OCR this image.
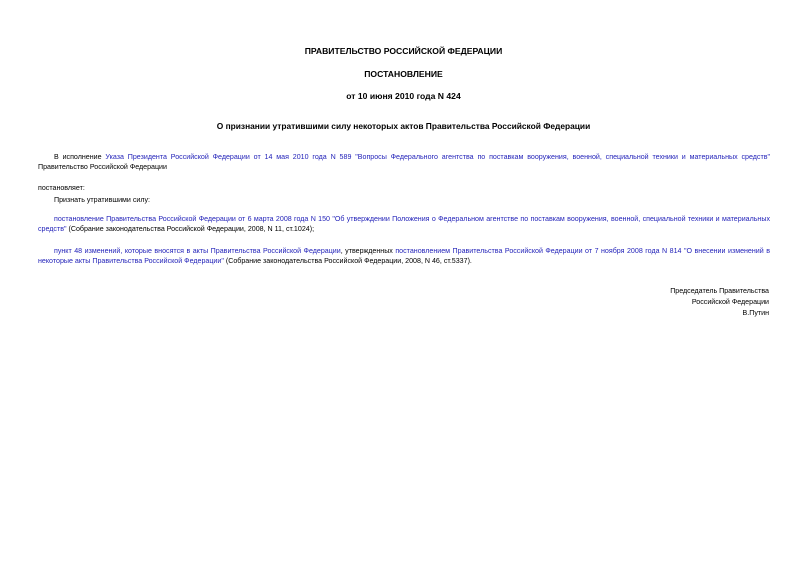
ПРАВИТЕЛЬСТВО РОССИЙСКОЙ ФЕДЕРАЦИИ
ПОСТАНОВЛЕНИЕ
от 10 июня 2010 года N 424
О признании утратившими силу некоторых актов Правительства Российской Федерации
В исполнение Указа Президента Российской Федерации от 14 мая 2010 года N 589 "Вопросы Федерального агентства по поставкам вооружения, военной, специальной техники и материальных средств" Правительство Российской Федерации
постановляет:
Признать утратившими силу:
постановление Правительства Российской Федерации от 6 марта 2008 года N 150 "Об утверждении Положения о Федеральном агентстве по поставкам вооружения, военной, специальной техники и материальных средств" (Собрание законодательства Российской Федерации, 2008, N 11, ст.1024);
пункт 48 изменений, которые вносятся в акты Правительства Российской Федерации, утвержденных постановлением Правительства Российской Федерации от 7 ноября 2008 года N 814 "О внесении изменений в некоторые акты Правительства Российской Федерации" (Собрание законодательства Российской Федерации, 2008, N 46, ст.5337).
Председатель Правительства
Российской Федерации
В.Путин
